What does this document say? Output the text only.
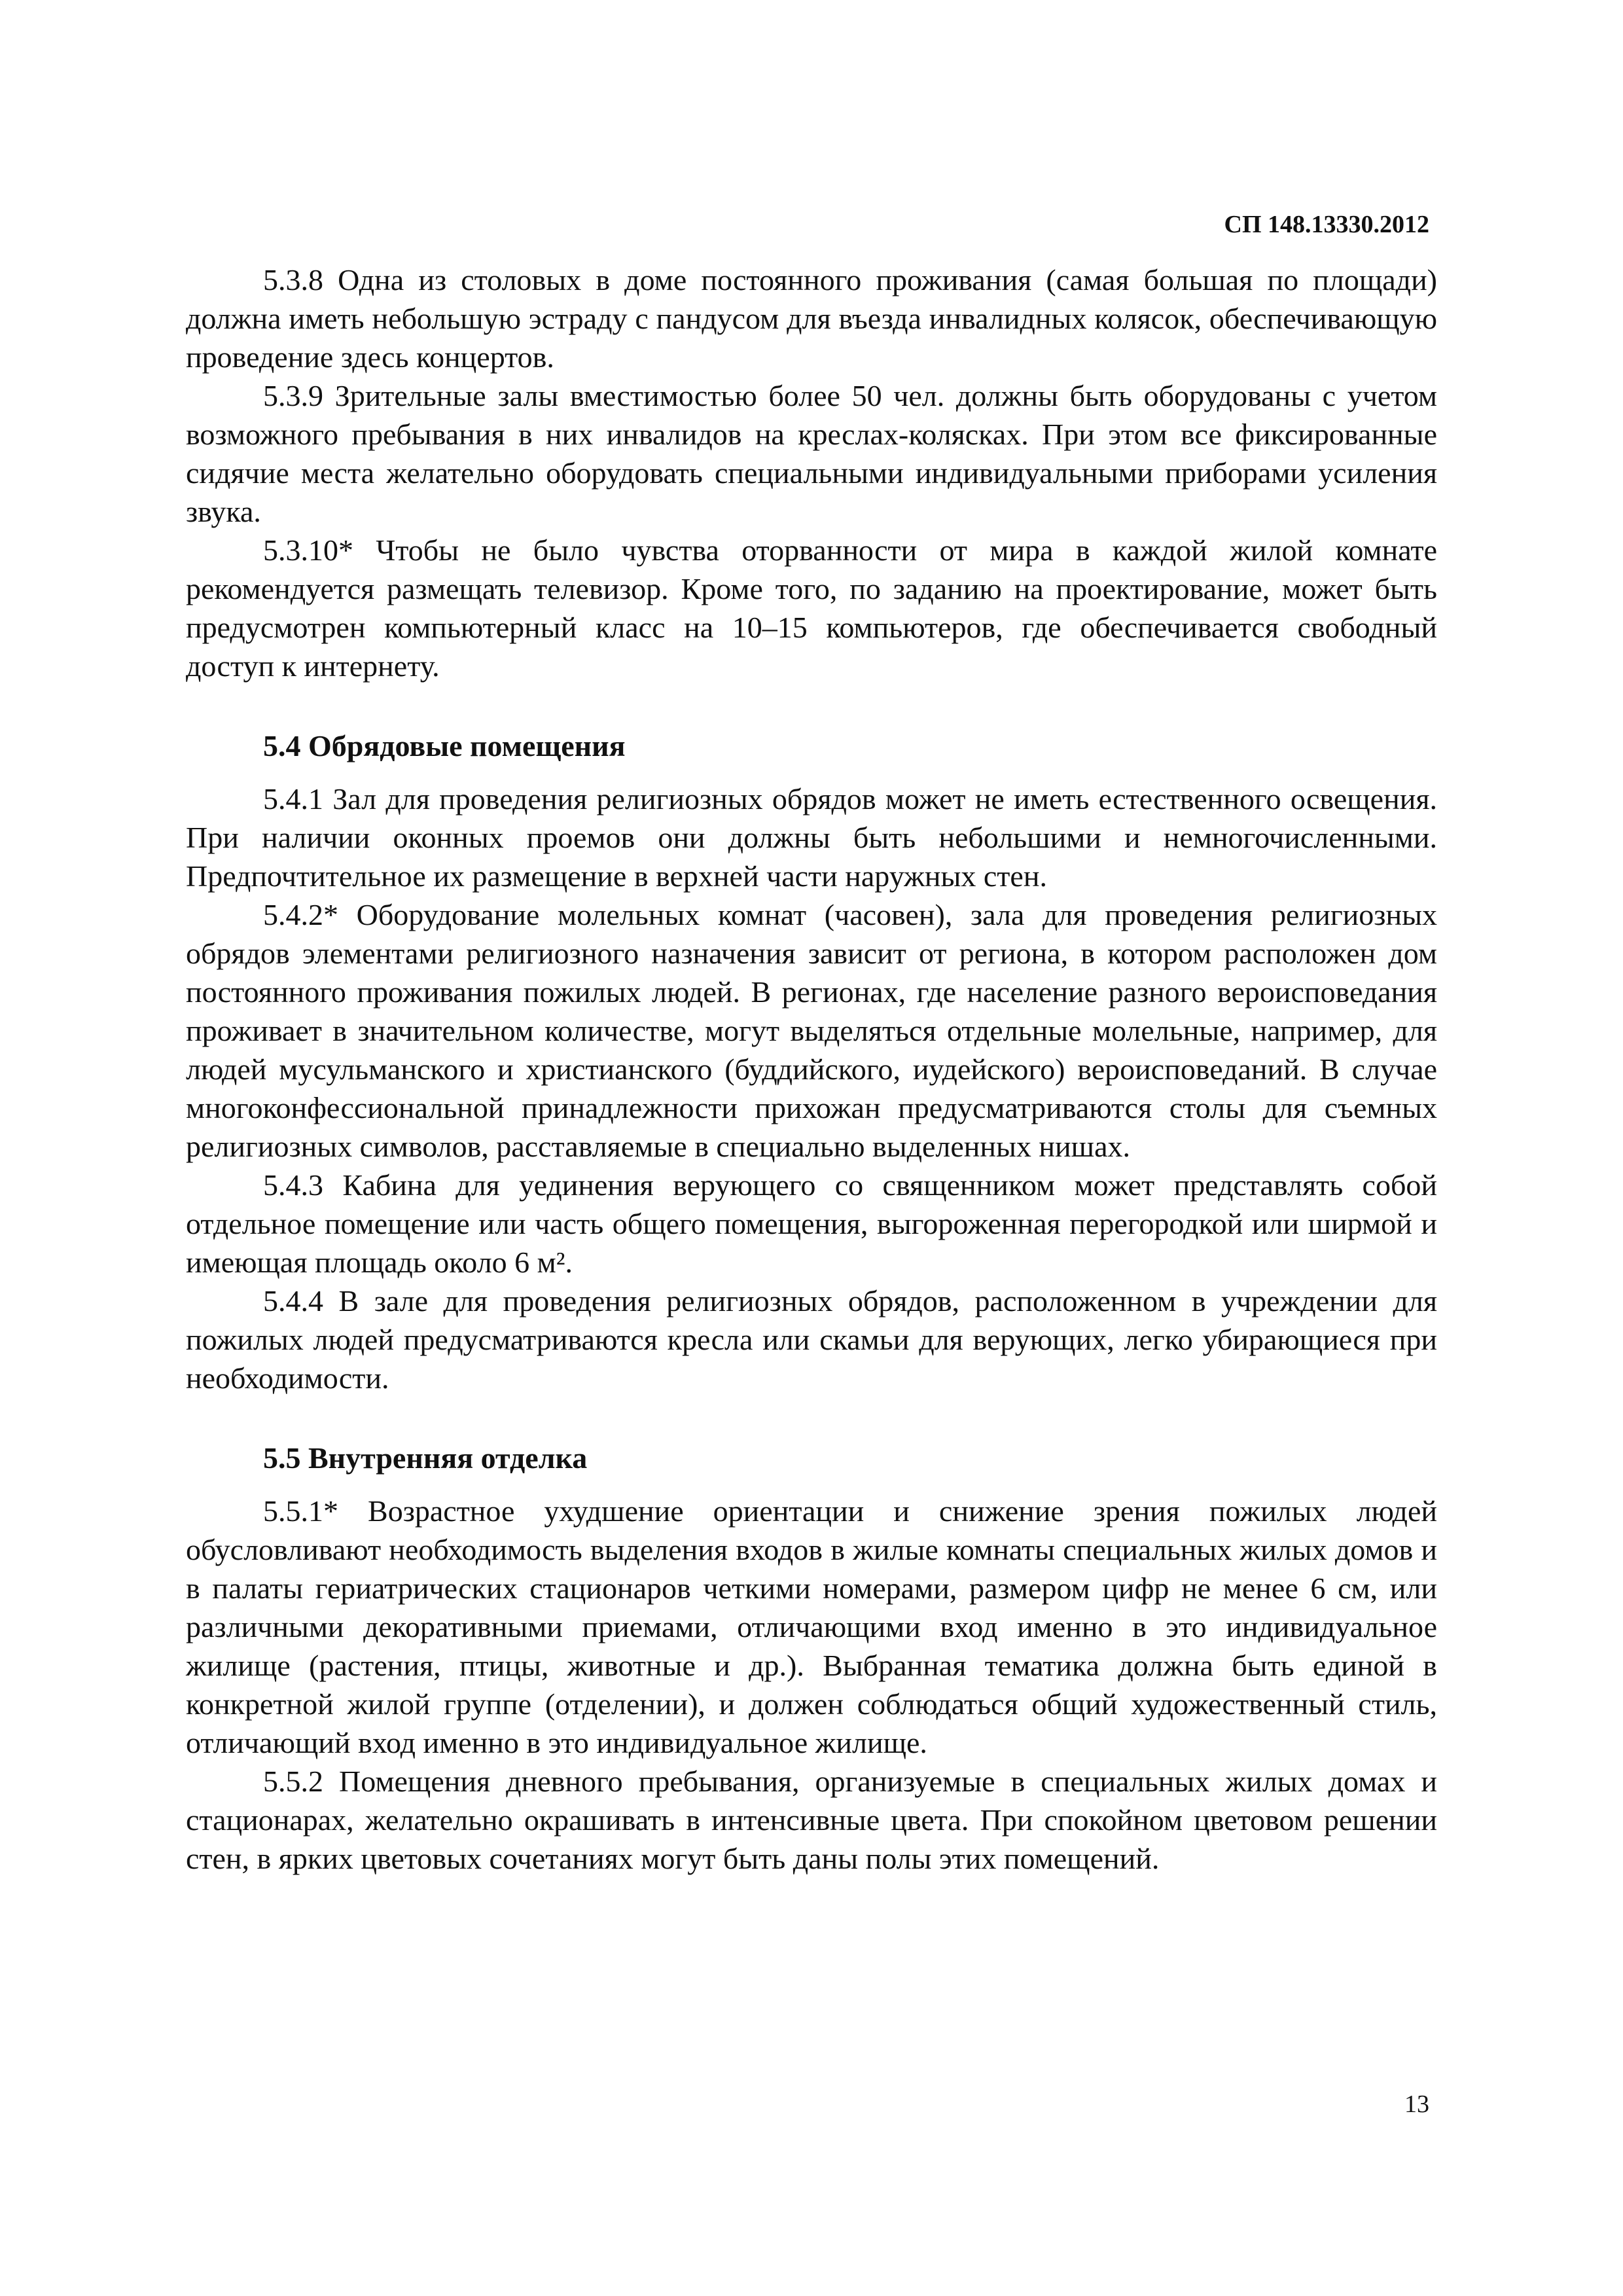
СП 148.13330.2012

5.3.8 Одна из столовых в доме постоянного проживания (самая большая по площади) должна иметь небольшую эстраду с пандусом для въезда инвалидных колясок, обеспечивающую проведение здесь концертов.

5.3.9 Зрительные залы вместимостью более 50 чел. должны быть оборудованы с учетом возможного пребывания в них инвалидов на креслах-колясках. При этом все фиксированные сидячие места желательно оборудовать специальными индивидуальными приборами усиления звука.

5.3.10* Чтобы не было чувства оторванности от мира в каждой жилой комнате рекомендуется размещать телевизор. Кроме того, по заданию на проектирование, может быть предусмотрен компьютерный класс на 10–15 компьютеров, где обеспечивается свободный доступ к интернету.

5.4 Обрядовые помещения

5.4.1 Зал для проведения религиозных обрядов может не иметь естественного освещения. При наличии оконных проемов они должны быть небольшими и немногочисленными. Предпочтительное их размещение в верхней части наружных стен.

5.4.2* Оборудование молельных комнат (часовен), зала для проведения религиозных обрядов элементами религиозного назначения зависит от региона, в котором расположен дом постоянного проживания пожилых людей. В регионах, где население разного вероисповедания проживает в значительном количестве, могут выделяться отдельные молельные, например, для людей мусульманского и христианского (буддийского, иудейского) вероисповеданий. В случае многоконфессиональной принадлежности прихожан предусматриваются столы для съемных религиозных символов, расставляемые в специально выделенных нишах.

5.4.3 Кабина для уединения верующего со священником может представлять собой отдельное помещение или часть общего помещения, выгороженная перегородкой или ширмой и имеющая площадь около 6 м².

5.4.4 В зале для проведения религиозных обрядов, расположенном в учреждении для пожилых людей предусматриваются кресла или скамьи для верующих, легко убирающиеся при необходимости.

5.5 Внутренняя отделка

5.5.1* Возрастное ухудшение ориентации и снижение зрения пожилых людей обусловливают необходимость выделения входов в жилые комнаты специальных жилых домов и в палаты гериатрических стационаров четкими номерами, размером цифр не менее 6 см, или различными декоративными приемами, отличающими вход именно в это индивидуальное жилище (растения, птицы, животные и др.). Выбранная тематика должна быть единой в конкретной жилой группе (отделении), и должен соблюдаться общий художественный стиль, отличающий вход именно в это индивидуальное жилище.

5.5.2 Помещения дневного пребывания, организуемые в специальных жилых домах и стационарах, желательно окрашивать в интенсивные цвета. При спокойном цветовом решении стен, в ярких цветовых сочетаниях могут быть даны полы этих помещений.

13
